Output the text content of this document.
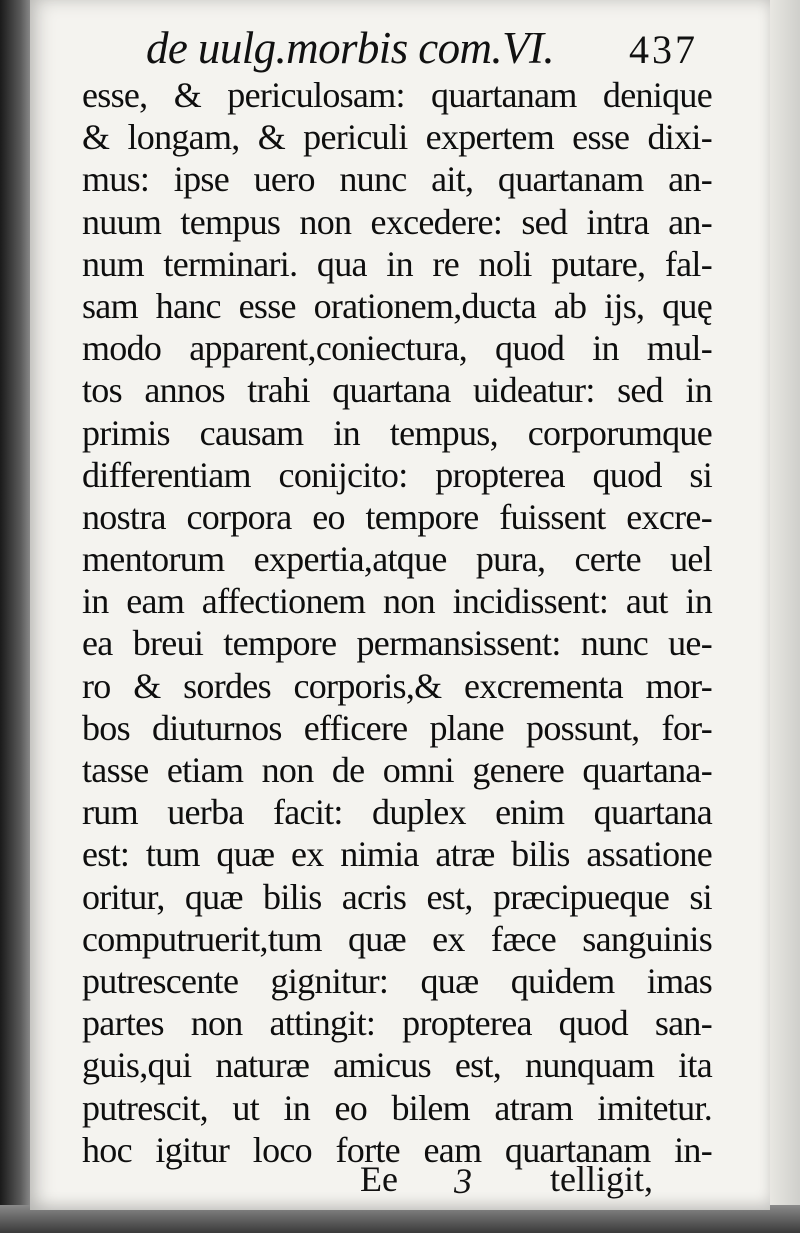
de uulg.morbis com.VI. 437
esse, & periculosam: quartanam denique
& longam, & periculi expertem esse dixi-
mus: ipse uero nunc ait, quartanam an-
nuum tempus non excedere: sed intra an-
num terminari. qua in re noli putare, fal-
sam hanc esse orationem,ducta ab ijs, quę
modo apparent,coniectura, quod in mul-
tos annos trahi quartana uideatur: sed in
primis causam in tempus, corporumque
differentiam conijcito: propterea quod si
nostra corpora eo tempore fuissent excre-
mentorum expertia,atque pura, certe uel
in eam affectionem non incidissent: aut in
ea breui tempore permansissent: nunc ue-
ro & sordes corporis,& excrementa mor-
bos diuturnos efficere plane possunt, for-
tasse etiam non de omni genere quartana-
rum uerba facit: duplex enim quartana
est: tum quæ ex nimia atræ bilis assatione
oritur, quæ bilis acris est, præcipueque si
computruerit,tum quæ ex fæce sanguinis
putrescente gignitur: quæ quidem imas
partes non attingit: propterea quod san-
guis,qui naturæ amicus est, nunquam ita
putrescit, ut in eo bilem atram imitetur.
hoc igitur loco forte eam quartanam in-
Ee 3 telligit,
